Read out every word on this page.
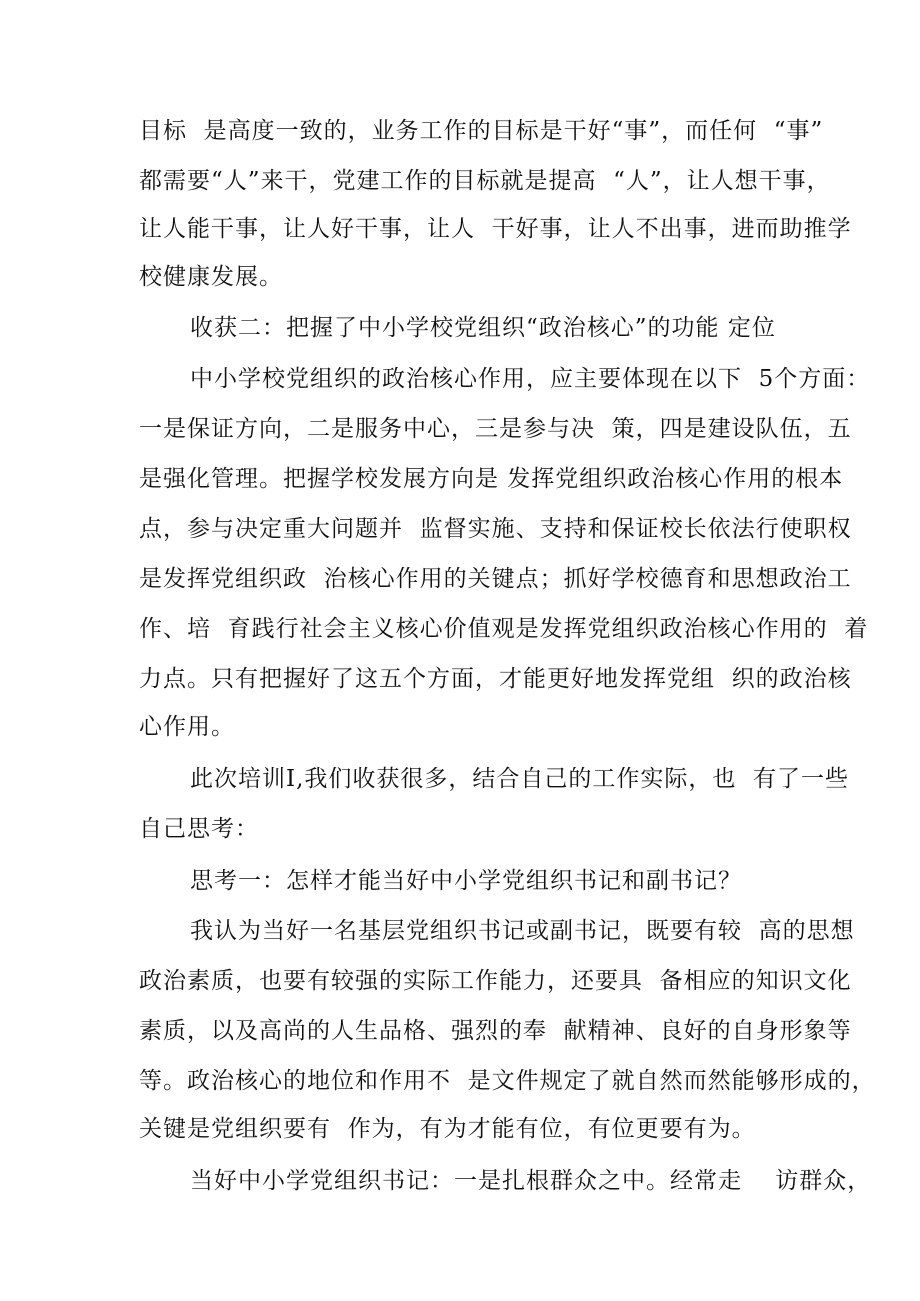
目标  是高度一致的，业务工作的目标是干好“事”，而任何  “事”
都需要“人”来干，党建工作的目标就是提高  “人”，让人想干事，
让人能干事，让人好干事，让人  干好事，让人不出事，进而助推学
校健康发展。
收获二：把握了中小学校党组织“政治核心”的功能 定位
中小学校党组织的政治核心作用，应主要体现在以下  5个方面：
一是保证方向，二是服务中心，三是参与决  策，四是建设队伍，五
是强化管理。把握学校发展方向是 发挥党组织政治核心作用的根本
点，参与决定重大问题并  监督实施、支持和保证校长依法行使职权
是发挥党组织政  治核心作用的关键点；抓好学校德育和思想政治工
作、培  育践行社会主义核心价值观是发挥党组织政治核心作用的  着
力点。只有把握好了这五个方面，才能更好地发挥党组  织的政治核
心作用。
此次培训I,我们收获很多，结合自己的工作实际，也  有了一些
自己思考：
思考一：怎样才能当好中小学党组织书记和副书记？
我认为当好一名基层党组织书记或副书记，既要有较  高的思想
政治素质，也要有较强的实际工作能力，还要具  备相应的知识文化
素质，以及高尚的人生品格、强烈的奉  献精神、良好的自身形象等
等。政治核心的地位和作用不  是文件规定了就自然而然能够形成的，
关键是党组织要有  作为，有为才能有位，有位更要有为。
当好中小学党组织书记：一是扎根群众之中。经常走    访群众，
